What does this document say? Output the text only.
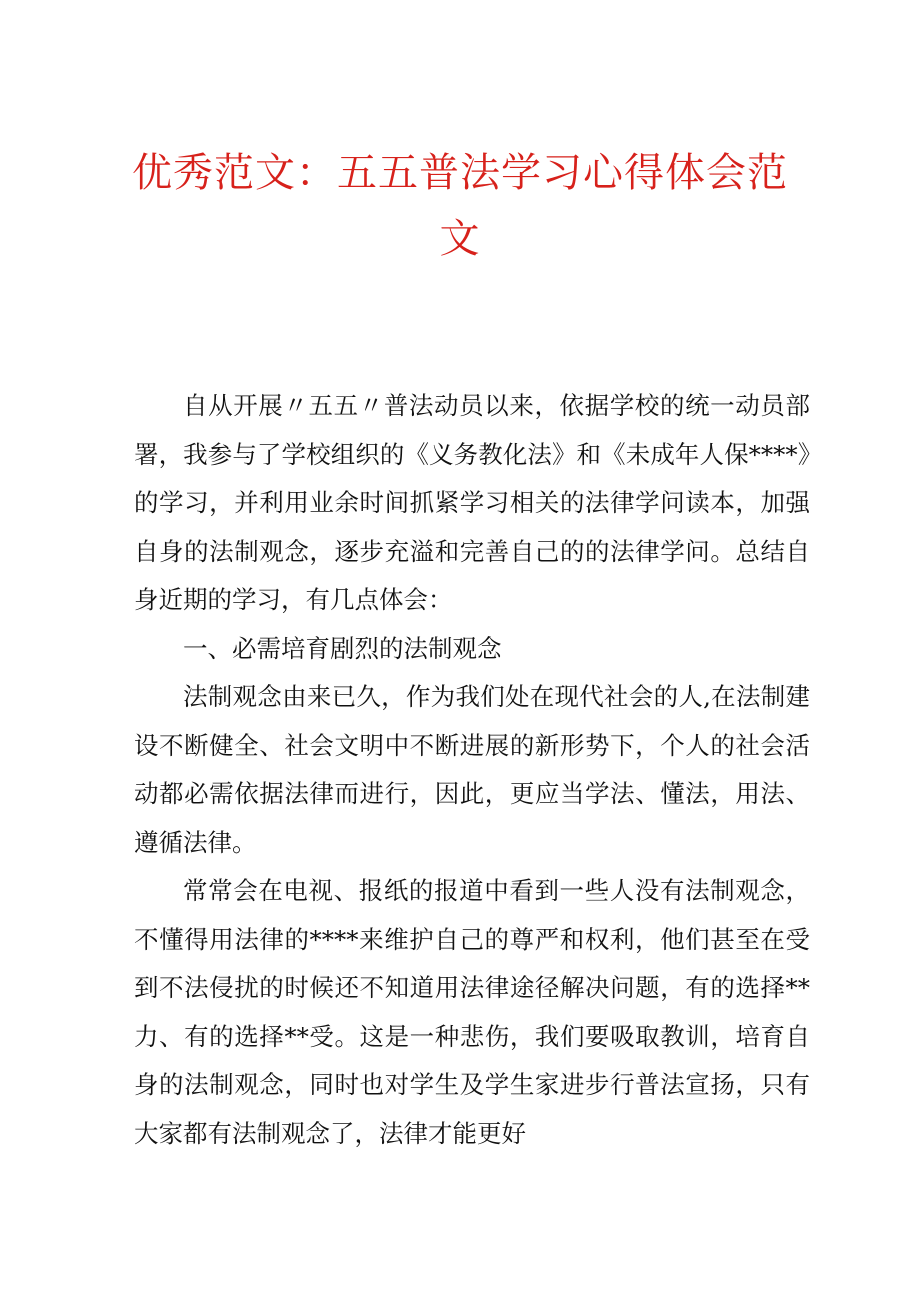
优秀范文：五五普法学习心得体会范文

自从开展〃五五〃普法动员以来，依据学校的统一动员部署，我参与了学校组织的《义务教化法》和《未成年人保****》的学习，并利用业余时间抓紧学习相关的法律学问读本，加强自身的法制观念，逐步充溢和完善自己的的法律学问。总结自身近期的学习，有几点体会：

一、必需培育剧烈的法制观念

法制观念由来已久，作为我们处在现代社会的人,在法制建设不断健全、社会文明中不断进展的新形势下，个人的社会活动都必需依据法律而进行，因此，更应当学法、懂法，用法、遵循法律。

常常会在电视、报纸的报道中看到一些人没有法制观念，不懂得用法律的****来维护自己的尊严和权利，他们甚至在受到不法侵扰的时候还不知道用法律途径解决问题，有的选择**力、有的选择**受。这是一种悲伤，我们要吸取教训，培育自身的法制观念，同时也对学生及学生家进步行普法宣扬，只有大家都有法制观念了，法律才能更好
